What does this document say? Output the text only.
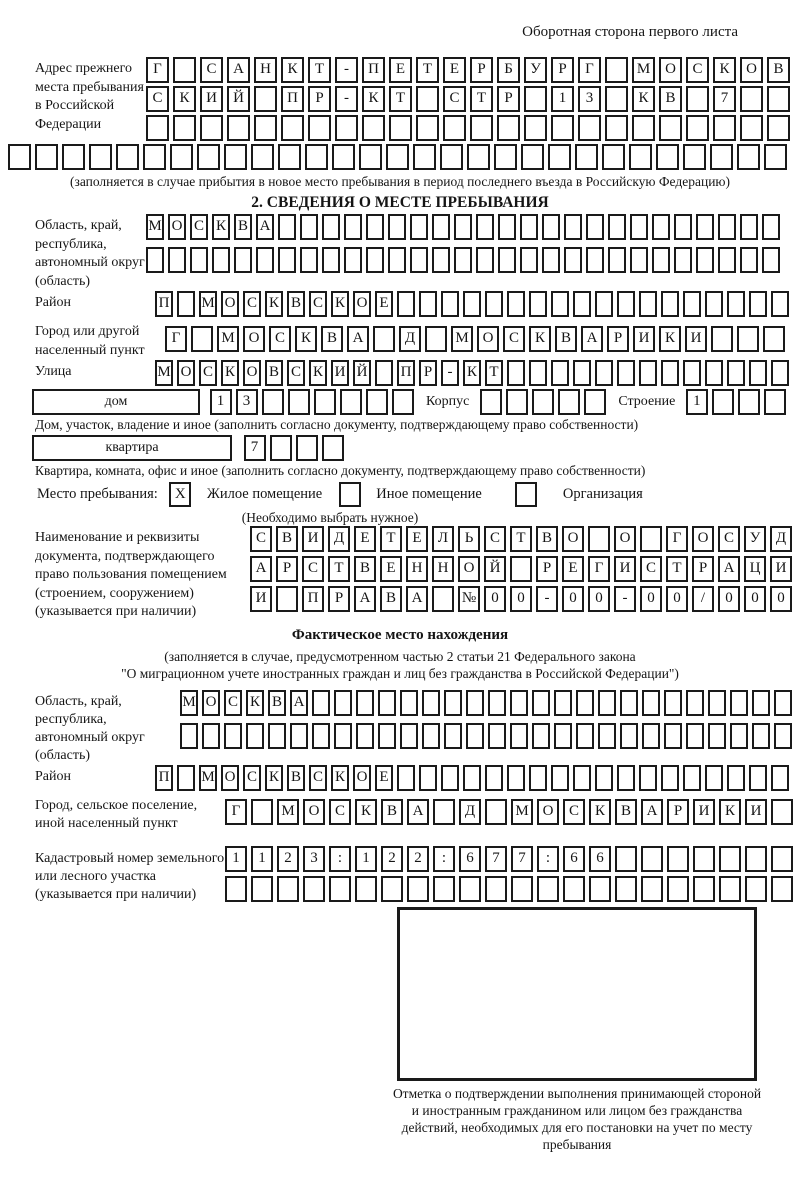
Оборотная сторона первого листа
Адрес прежнего места пребывания в Российской Федерации
Г	С А Н К Т - П Е Т Е Р Б У Р Г	М О С К О В
С К И Й	П Р - К Т	С Т Р	1 3	К В	7
(заполняется в случае прибытия в новое место пребывания в период последнего въезда в Российскую Федерацию)
2. СВЕДЕНИЯ О МЕСТЕ ПРЕБЫВАНИЯ
Область, край, республика, автономный округ (область)
М О С К В А
Район	П М О С К В С К О Е
Город или другой населенный пункт
Г	М О С К В А	Д	М О С К В А Р И К И
Улица	М О С К О В С К И Й П Р - К Т
дом	1 3	Корпус	Строение 1
Дом, участок, владение и иное (заполнить согласно документу, подтверждающему право собственности)
квартира	7
Квартира, комната, офис и иное (заполнить согласно документу, подтверждающему право собственности)
Место пребывания: X Жилое помещение	Иное помещение	Организация
(Необходимо выбрать нужное)
Наименование и реквизиты документа, подтверждающего право пользования помещением (строением, сооружением) (указывается при наличии)
С В И Д Е Т Е Л Ь С Т В О	О	Г О С У Д
А Р С Т В Е Н Н О Й	Р Е Г И С Т Р А Ц И
И	П Р А В А	№ 0 0 - 0 0 - 0 0 / 0 0 0
Фактическое место нахождения
(заполняется в случае, предусмотренном частью 2 статьи 21 Федерального закона
"О миграционном учете иностранных граждан и лиц без гражданства в Российской Федерации")
Область, край, республика, автономный округ (область)
М О С К В А
Район	П М О С К В С К О Е
Город, сельское поселение, иной населенный пункт
Г	М О С К В А	Д	М О С К В А Р И К И
Кадастровый номер земельного или лесного участка (указывается при наличии)
1 1 2 3 : 1 2 2 : 6 7 7 : 6 6
Отметка о подтверждении выполнения принимающей стороной и иностранным гражданином или лицом без гражданства действий, необходимых для его постановки на учет по месту пребывания
